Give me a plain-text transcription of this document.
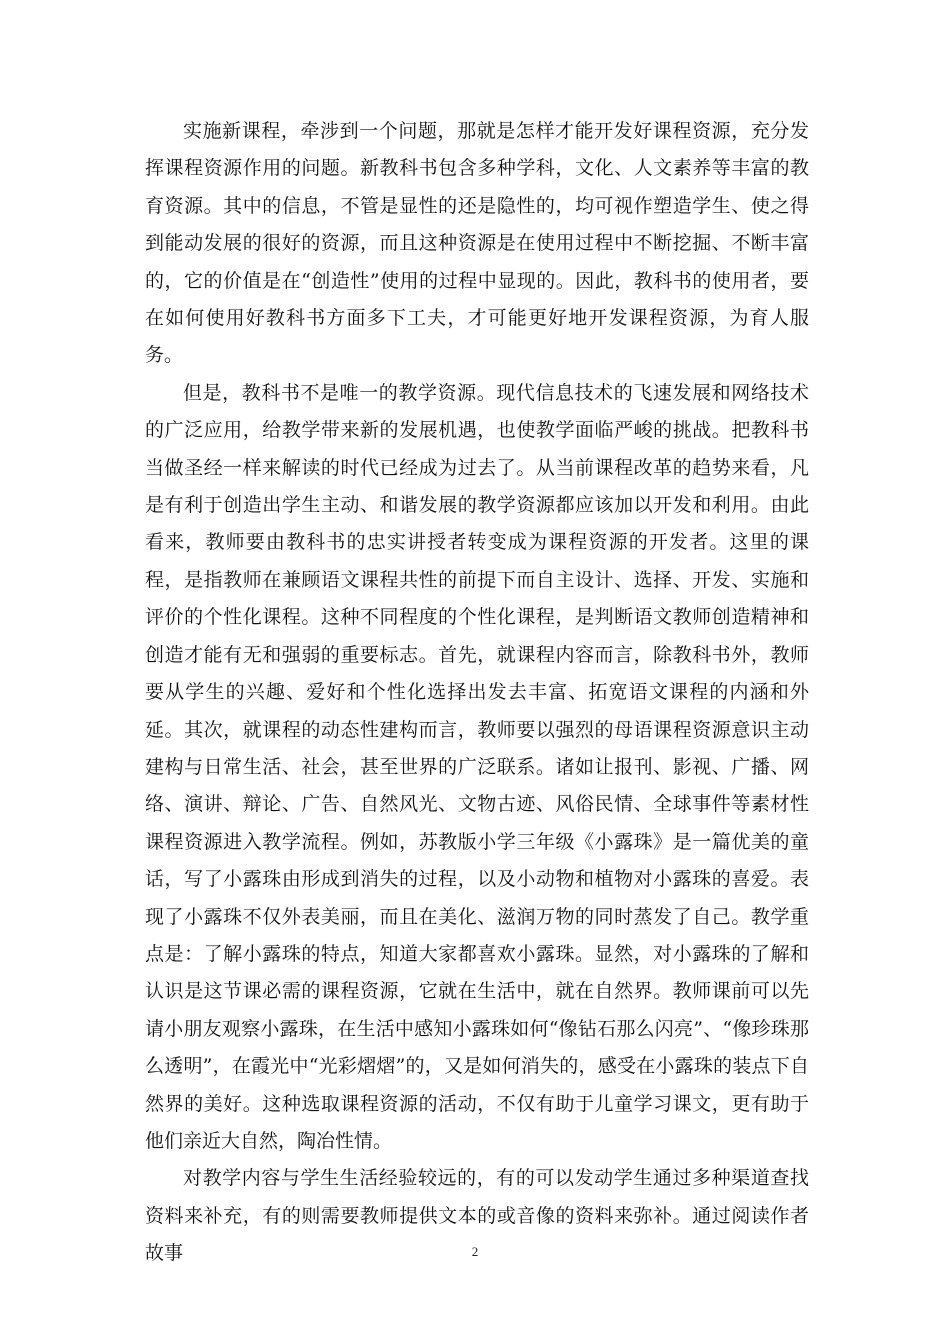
实施新课程，牵涉到一个问题，那就是怎样才能开发好课程资源，充分发挥课程资源作用的问题。新教科书包含多种学科，文化、人文素养等丰富的教育资源。其中的信息，不管是显性的还是隐性的，均可视作塑造学生、使之得到能动发展的很好的资源，而且这种资源是在使用过程中不断挖掘、不断丰富的，它的价值是在“创造性”使用的过程中显现的。因此，教科书的使用者，要在如何使用好教科书方面多下工夫，才可能更好地开发课程资源，为育人服务。

但是，教科书不是唯一的教学资源。现代信息技术的飞速发展和网络技术的广泛应用，给教学带来新的发展机遇，也使教学面临严峻的挑战。把教科书当做圣经一样来解读的时代已经成为过去了。从当前课程改革的趋势来看，凡是有利于创造出学生主动、和谐发展的教学资源都应该加以开发和利用。由此看来，教师要由教科书的忠实讲授者转变成为课程资源的开发者。这里的课程，是指教师在兼顾语文课程共性的前提下而自主设计、选择、开发、实施和评价的个性化课程。这种不同程度的个性化课程，是判断语文教师创造精神和创造才能有无和强弱的重要标志。首先，就课程内容而言，除教科书外，教师要从学生的兴趣、爱好和个性化选择出发去丰富、拓宽语文课程的内涵和外延。其次，就课程的动态性建构而言，教师要以强烈的母语课程资源意识主动建构与日常生活、社会，甚至世界的广泛联系。诸如让报刊、影视、广播、网络、演讲、辩论、广告、自然风光、文物古迹、风俗民情、全球事件等素材性课程资源进入教学流程。例如，苏教版小学三年级《小露珠》是一篇优美的童话，写了小露珠由形成到消失的过程，以及小动物和植物对小露珠的喜爱。表现了小露珠不仅外表美丽，而且在美化、滋润万物的同时蒸发了自己。教学重点是：了解小露珠的特点，知道大家都喜欢小露珠。显然，对小露珠的了解和认识是这节课必需的课程资源，它就在生活中，就在自然界。教师课前可以先请小朋友观察小露珠，在生活中感知小露珠如何“像钻石那么闪亮”、“像珍珠那么透明”，在霞光中“光彩熠熠”的，又是如何消失的，感受在小露珠的装点下自然界的美好。这种选取课程资源的活动，不仅有助于儿童学习课文，更有助于他们亲近大自然，陶冶性情。

对教学内容与学生生活经验较远的，有的可以发动学生通过多种渠道查找资料来补充，有的则需要教师提供文本的或音像的资料来弥补。通过阅读作者故事	2
